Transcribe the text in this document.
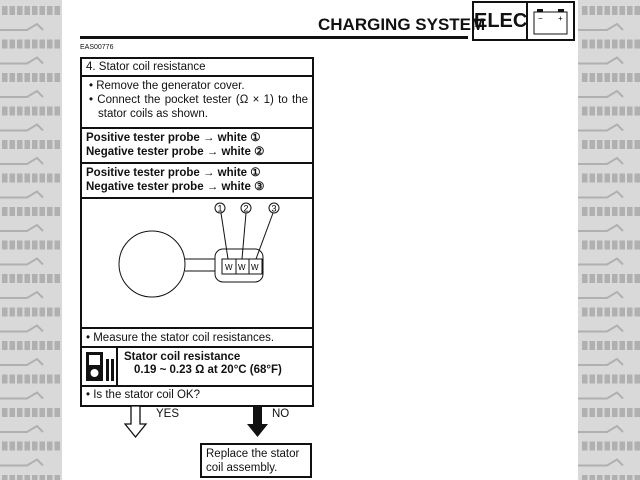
CHARGING SYSTEM
ELEC − +
EAS00776
4. Stator coil resistance
• Remove the generator cover.
• Connect the pocket tester (Ω × 1) to the stator coils as shown.
Positive tester probe → white ①
Negative tester probe → white ②
Positive tester probe → white ①
Negative tester probe → white ③
W W W
1 2	3
• Measure the stator coil resistances.
Stator coil resistance
0.19 ~ 0.23 Ω at 20°C (68°F)
• Is the stator coil OK?
YES	NO
Replace the stator coil assembly.
